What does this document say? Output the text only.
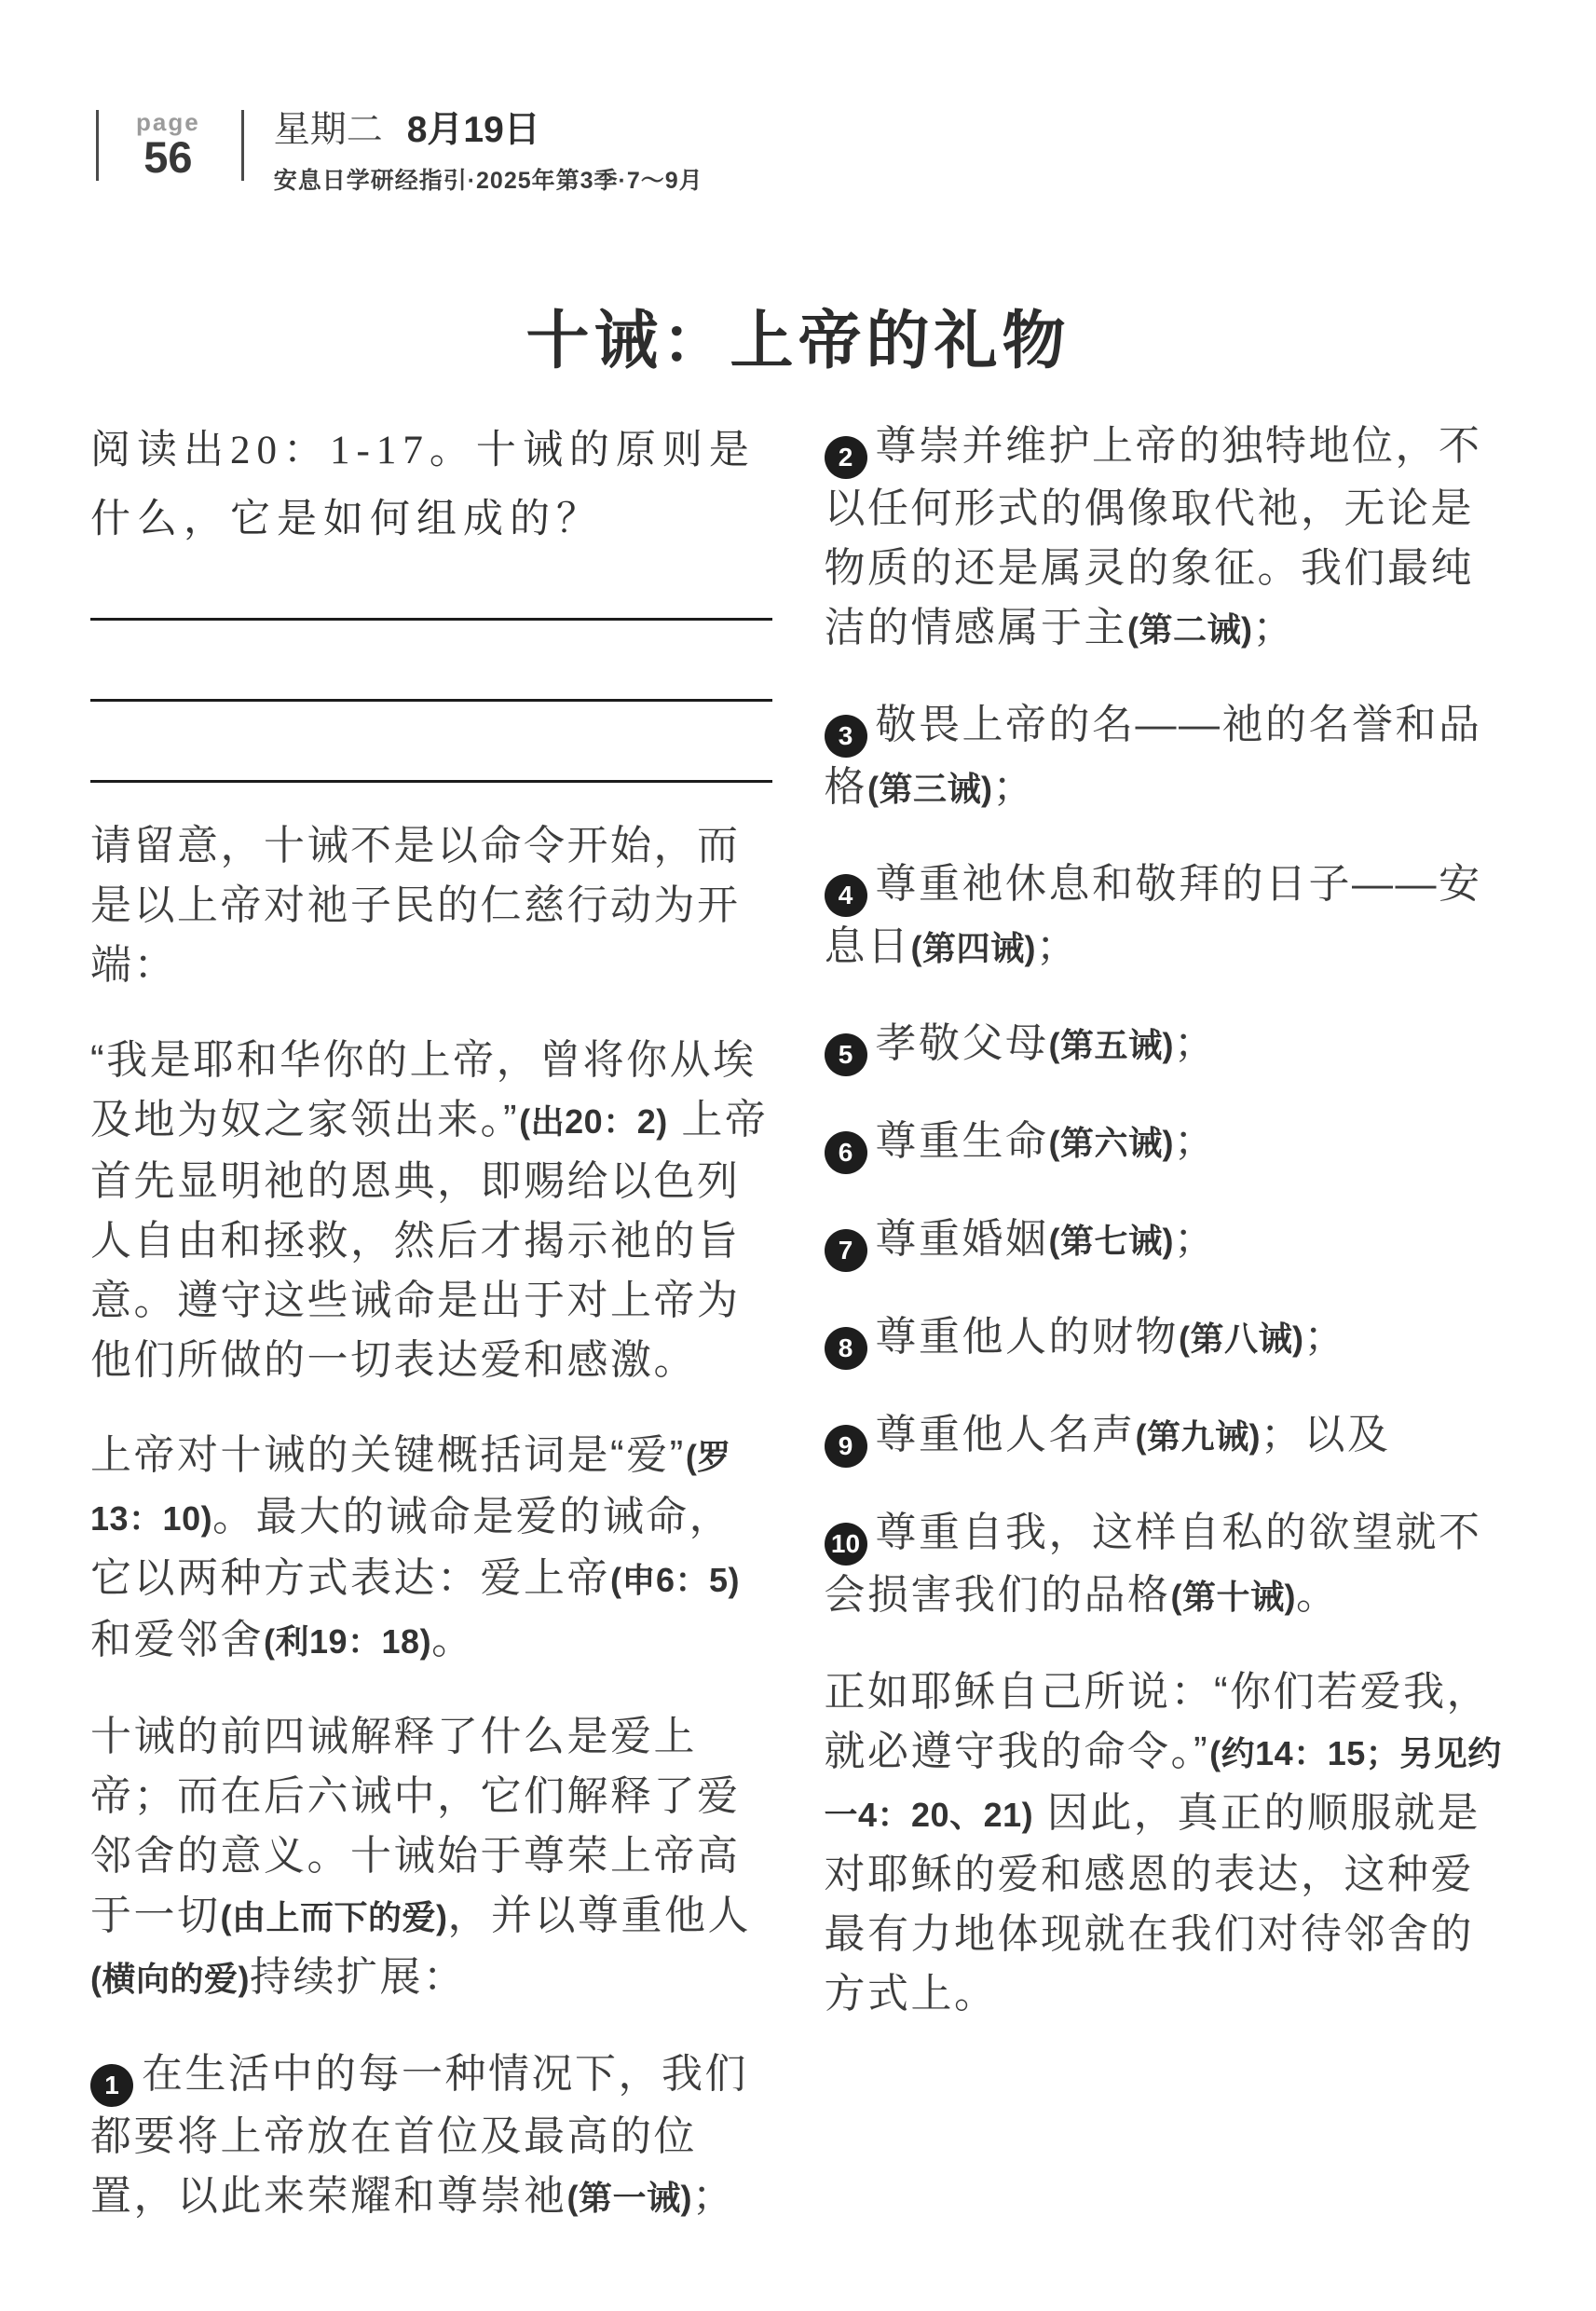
page
56
星期二 8月19日
安息日学研经指引·2025年第3季·7～9月
十诫：上帝的礼物

阅读出20：1-17。十诫的原则是什么，它是如何组成的？

请留意，十诫不是以命令开始，而是以上帝对祂子民的仁慈行动为开端：

“我是耶和华你的上帝，曾将你从埃及地为奴之家领出来。”(出20：2) 上帝首先显明祂的恩典，即赐给以色列人自由和拯救，然后才揭示祂的旨意。遵守这些诫命是出于对上帝为他们所做的一切表达爱和感激。

上帝对十诫的关键概括词是“爱”(罗13：10)。最大的诫命是爱的诫命，它以两种方式表达：爱上帝(申6：5)和爱邻舍(利19：18)。

十诫的前四诫解释了什么是爱上帝；而在后六诫中，它们解释了爱邻舍的意义。十诫始于尊荣上帝高于一切(由上而下的爱)，并以尊重他人(横向的爱)持续扩展：

1 在生活中的每一种情况下，我们都要将上帝放在首位及最高的位置，以此来荣耀和尊崇祂(第一诫)；

2 尊崇并维护上帝的独特地位，不以任何形式的偶像取代祂，无论是物质的还是属灵的象征。我们最纯洁的情感属于主(第二诫)；

3 敬畏上帝的名——祂的名誉和品格(第三诫)；

4 尊重祂休息和敬拜的日子——安息日(第四诫)；

5 孝敬父母(第五诫)；

6 尊重生命(第六诫)；

7 尊重婚姻(第七诫)；

8 尊重他人的财物(第八诫)；

9 尊重他人名声(第九诫)；以及

10 尊重自我，这样自私的欲望就不会损害我们的品格(第十诫)。

正如耶稣自己所说：“你们若爱我，就必遵守我的命令。”(约14：15；另见约一4：20、21) 因此，真正的顺服就是对耶稣的爱和感恩的表达，这种爱最有力地体现就在我们对待邻舍的方式上。
